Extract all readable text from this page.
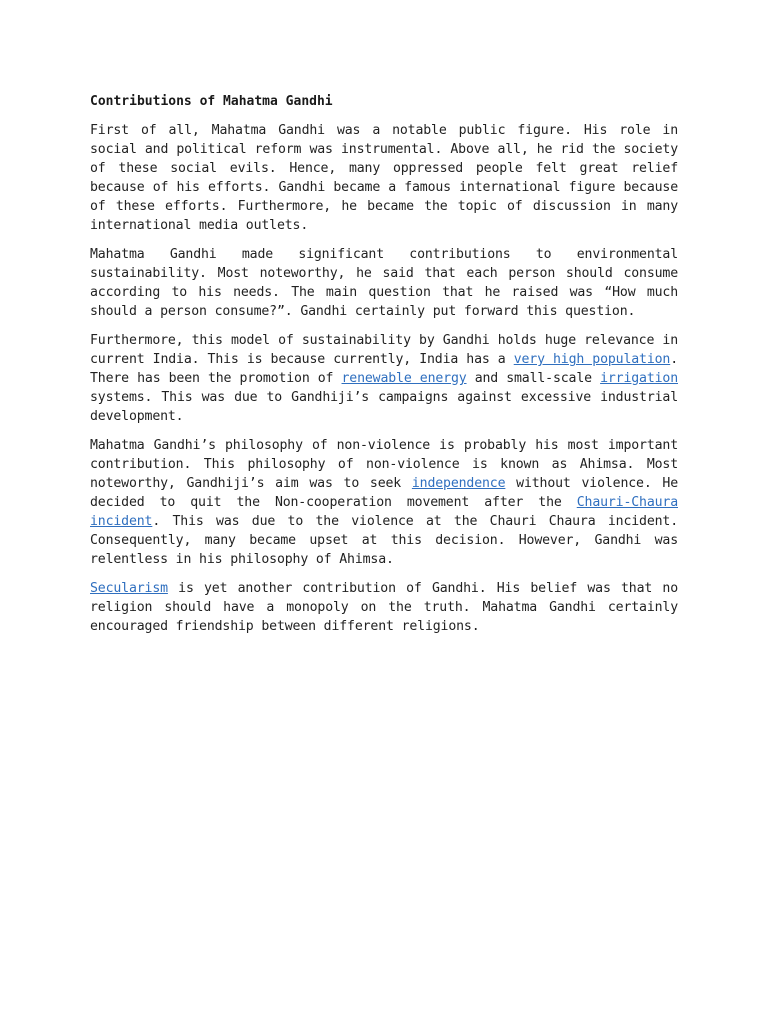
Contributions of Mahatma Gandhi

First of all, Mahatma Gandhi was a notable public figure. His role in social and political reform was instrumental. Above all, he rid the society of these social evils. Hence, many oppressed people felt great relief because of his efforts. Gandhi became a famous international figure because of these efforts. Furthermore, he became the topic of discussion in many international media outlets.

Mahatma Gandhi made significant contributions to environmental sustainability. Most noteworthy, he said that each person should consume according to his needs. The main question that he raised was “How much should a person consume?”. Gandhi certainly put forward this question.

Furthermore, this model of sustainability by Gandhi holds huge relevance in current India. This is because currently, India has a very high population. There has been the promotion of renewable energy and small-scale irrigation systems. This was due to Gandhiji’s campaigns against excessive industrial development.

Mahatma Gandhi’s philosophy of non-violence is probably his most important contribution. This philosophy of non-violence is known as Ahimsa. Most noteworthy, Gandhiji’s aim was to seek independence without violence. He decided to quit the Non-cooperation movement after the Chauri-Chaura incident. This was due to the violence at the Chauri Chaura incident. Consequently, many became upset at this decision. However, Gandhi was relentless in his philosophy of Ahimsa.

Secularism is yet another contribution of Gandhi. His belief was that no religion should have a monopoly on the truth. Mahatma Gandhi certainly encouraged friendship between different religions.
